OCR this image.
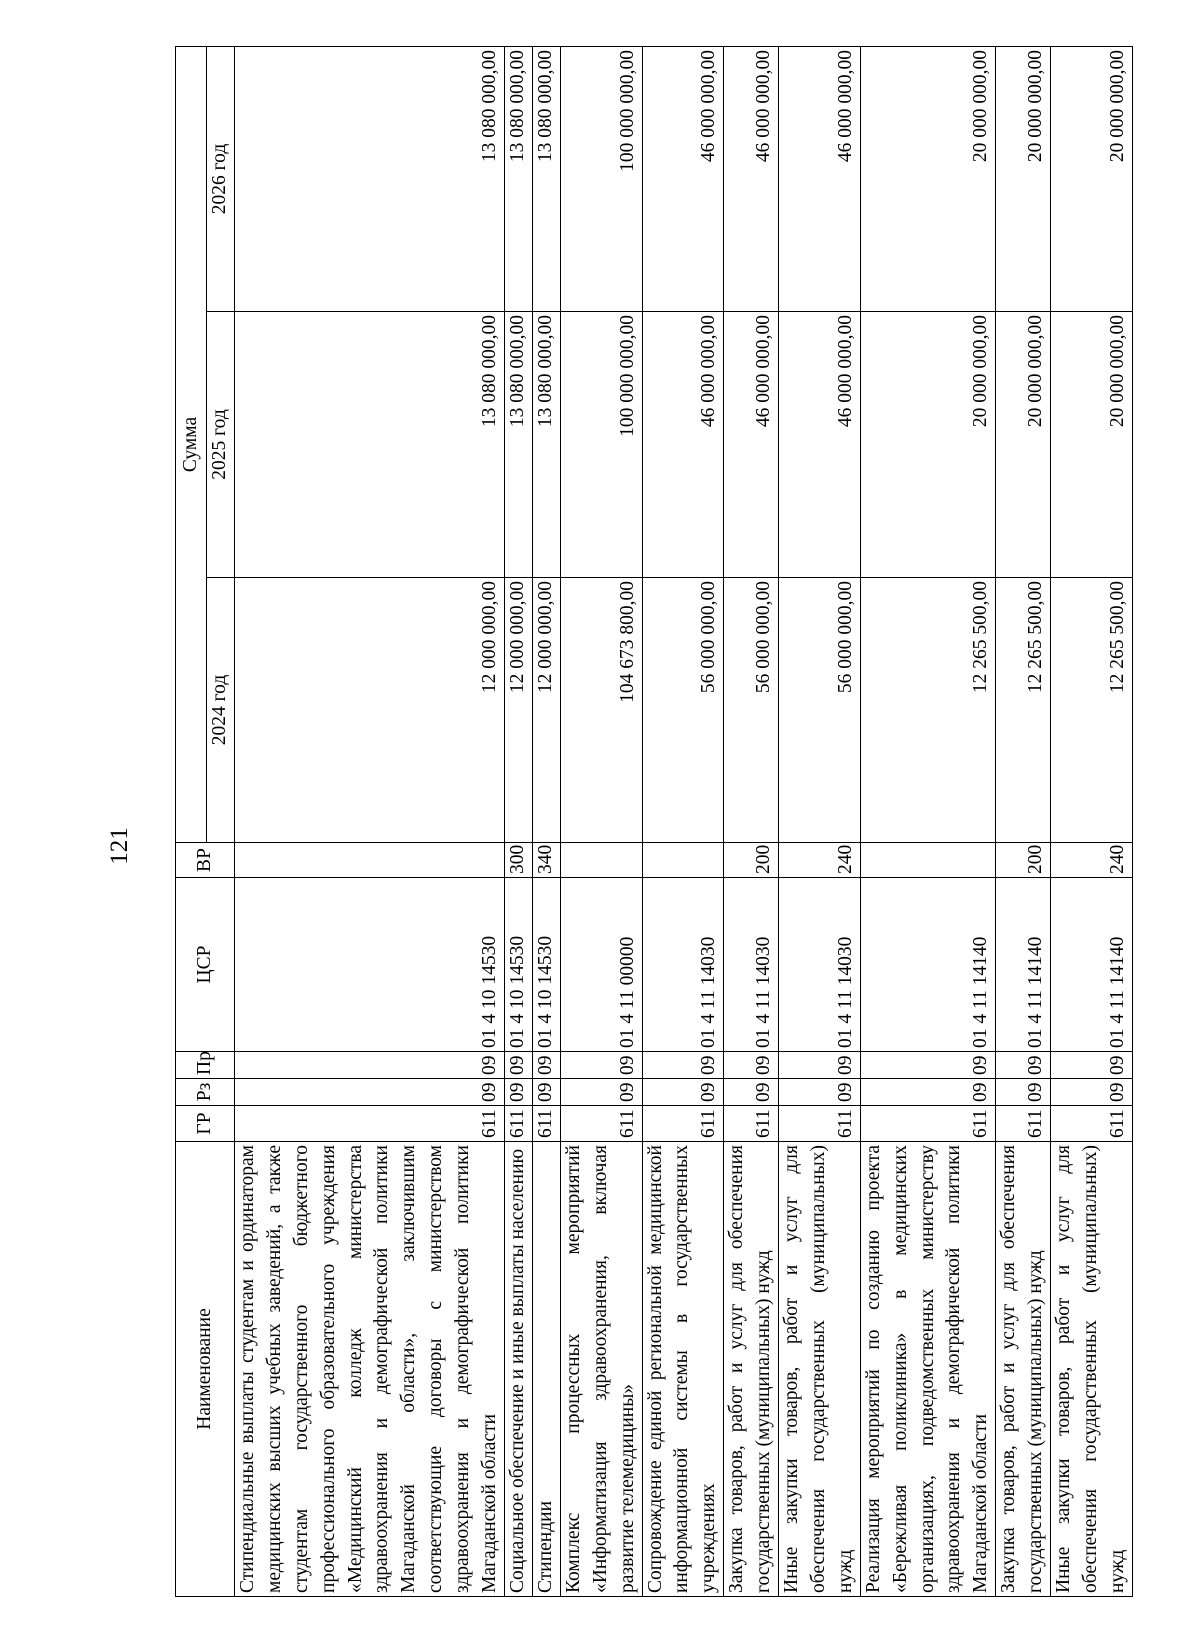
121
Наименование	ГР	Рз	Пр	ЦСР	ВР	Сумма		
						2024 год	2025 год	2026 год
Стипендиальные выплаты студентам и ординаторам медицинских высших учебных заведений, а также студентам государственного бюджетного профессионального образовательного учреждения «Медицинский колледж министерства здравоохранения и демографической политики Магаданской области», заключившим соответствующие договоры с министерством здравоохранения и демографической политики Магаданской области	611	09	09	01 4 10 14530		12 000 000,00	13 080 000,00	13 080 000,00
Социальное обеспечение и иные выплаты населению	611	09	09	01 4 10 14530	300	12 000 000,00	13 080 000,00	13 080 000,00
Стипендии	611	09	09	01 4 10 14530	340	12 000 000,00	13 080 000,00	13 080 000,00
Комплекс процессных мероприятий «Информатизация здравоохранения, включая развитие телемедицины»	611	09	09	01 4 11 00000		104 673 800,00	100 000 000,00	100 000 000,00
Сопровождение единой региональной медицинской информационной системы в государственных учреждениях	611	09	09	01 4 11 14030		56 000 000,00	46 000 000,00	46 000 000,00
Закупка товаров, работ и услуг для обеспечения государственных (муниципальных) нужд	611	09	09	01 4 11 14030	200	56 000 000,00	46 000 000,00	46 000 000,00
Иные закупки товаров, работ и услуг для обеспечения государственных (муниципальных) нужд	611	09	09	01 4 11 14030	240	56 000 000,00	46 000 000,00	46 000 000,00
Реализация мероприятий по созданию проекта «Бережливая поликлиника» в медицинских организациях, подведомственных министерству здравоохранения и демографической политики Магаданской области	611	09	09	01 4 11 14140		12 265 500,00	20 000 000,00	20 000 000,00
Закупка товаров, работ и услуг для обеспечения государственных (муниципальных) нужд	611	09	09	01 4 11 14140	200	12 265 500,00	20 000 000,00	20 000 000,00
Иные закупки товаров, работ и услуг для обеспечения государственных (муниципальных) нужд	611	09	09	01 4 11 14140	240	12 265 500,00	20 000 000,00	20 000 000,00
